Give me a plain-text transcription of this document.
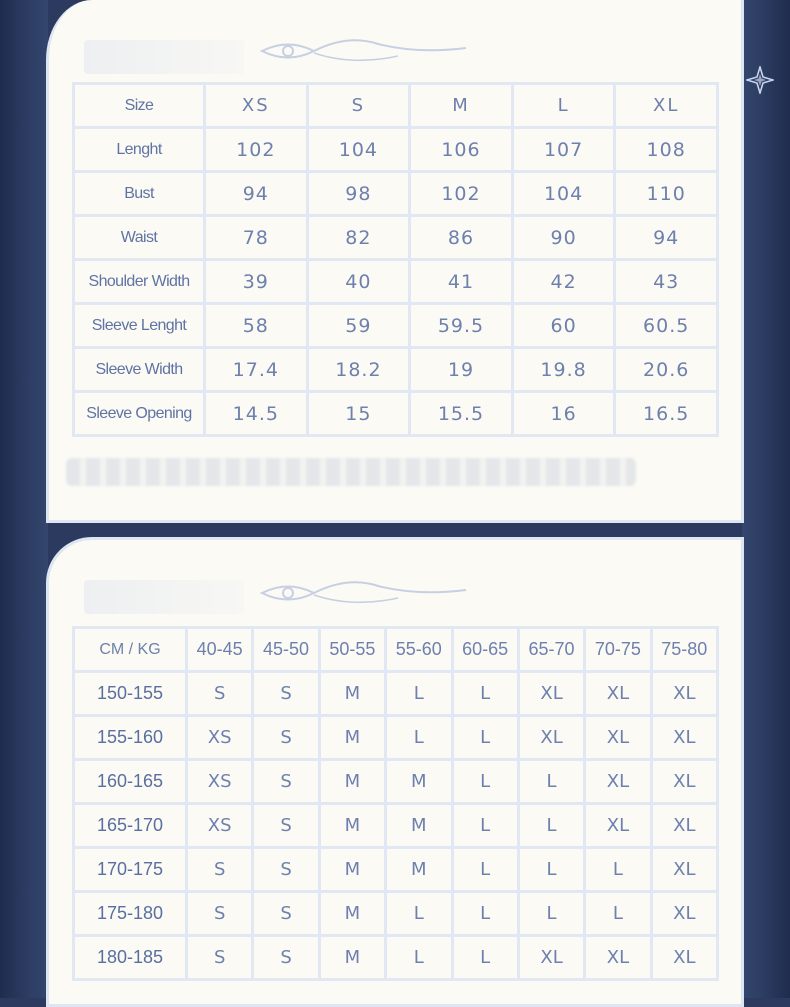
Size	XS	S	M	L	XL
Lenght	102	104	106	107	108
Bust	94	98	102	104	110
Waist	78	82	86	90	94
Shoulder Width	39	40	41	42	43
Sleeve Lenght	58	59	59.5	60	60.5
Sleeve Width	17.4	18.2	19	19.8	20.6
Sleeve Opening	14.5	15	15.5	16	16.5
CM / KG	40-45	45-50	50-55	55-60	60-65	65-70	70-75	75-80
150-155	S	S	M	L	L	XL	XL	XL
155-160	XS	S	M	L	L	XL	XL	XL
160-165	XS	S	M	M	L	L	XL	XL
165-170	XS	S	M	M	L	L	XL	XL
170-175	S	S	M	M	L	L	L	XL
175-180	S	S	M	L	L	L	L	XL
180-185	S	S	M	L	L	XL	XL	XL
